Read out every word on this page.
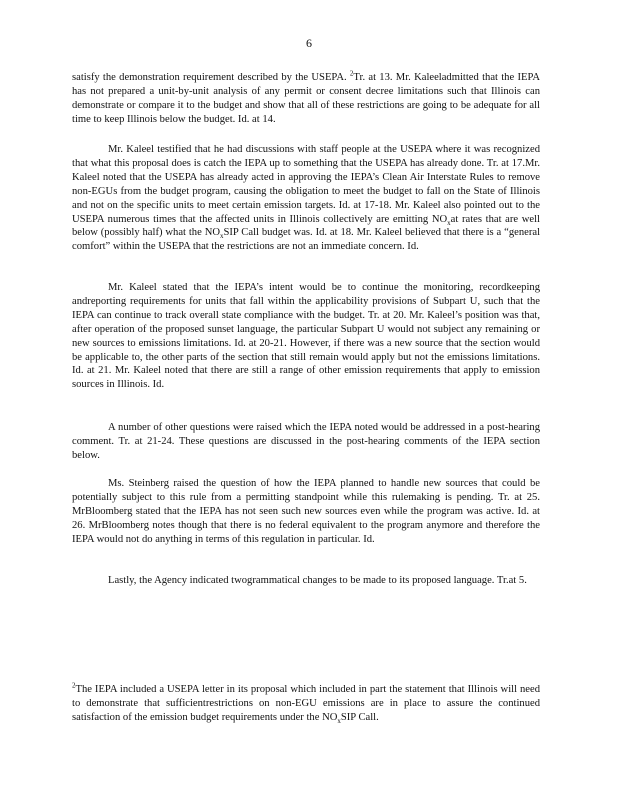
6

satisfy the demonstration requirement described by the USEPA. $^2$Tr. at 13. Mr. Kaleeladmitted that the IEPA has not prepared a unit-by-unit analysis of any permit or consent decree limitations such that Illinois can demonstrate or compare it to the budget and show that all of these restrictions are going to be adequate for all time to keep Illinois below the budget. Id. at 14.

Mr. Kaleel testified that he had discussions with staff people at the USEPA where it was recognized that what this proposal does is catch the IEPA up to something that the USEPA has already done. Tr. at 17.Mr. Kaleel noted that the USEPA has already acted in approving the IEPA’s Clean Air Interstate Rules to remove non-EGUs from the budget program, causing the obligation to meet the budget to fall on the State of Illinois and not on the specific units to meet certain emission targets. Id. at 17-18. Mr. Kaleel also pointed out to the USEPA numerous times that the affected units in Illinois collectively are emitting $NO_xat$ rates that are well below (possibly half) what the $NO_xSIP$ Call budget was. Id. at 18. Mr. Kaleel believed that there is a “general comfort” within the USEPA that the restrictions are not an immediate concern. Id.

Mr. Kaleel stated that the IEPA’s intent would be to continue the monitoring, recordkeeping andreporting requirements for units that fall within the applicability provisions of Subpart U, such that the IEPA can continue to track overall state compliance with the budget. Tr. at 20. Mr. Kaleel’s position was that, after operation of the proposed sunset language, the particular Subpart U would not subject any remaining or new sources to emissions limitations. Id. at 20-21. However, if there was a new source that the section would be applicable to, the other parts of the section that still remain would apply but not the emissions limitations. Id. at 21. Mr. Kaleel noted that there are still a range of other emission requirements that apply to emission sources in Illinois. Id.

A number of other questions were raised which the IEPA noted would be addressed in a post-hearing comment. Tr. at 21-24. These questions are discussed in the post-hearing comments of the IEPA section below.

Ms. Steinberg raised the question of how the IEPA planned to handle new sources that could be potentially subject to this rule from a permitting standpoint while this rulemaking is pending. Tr. at 25. MrBloomberg stated that the IEPA has not seen such new sources even while the program was active. Id. at 26. MrBloomberg notes though that there is no federal equivalent to the program anymore and therefore the IEPA would not do anything in terms of this regulation in particular. Id.

Lastly, the Agency indicated twogrammatical changes to be made to its proposed language. Tr.at 5.

$^2$The IEPA included a USEPA letter in its proposal which included in part the statement that Illinois will need to demonstrate that sufficientrestrictions on non-EGU emissions are in place to assure the continued satisfaction of the emission budget requirements under the $NO_xSIP$ Call.
